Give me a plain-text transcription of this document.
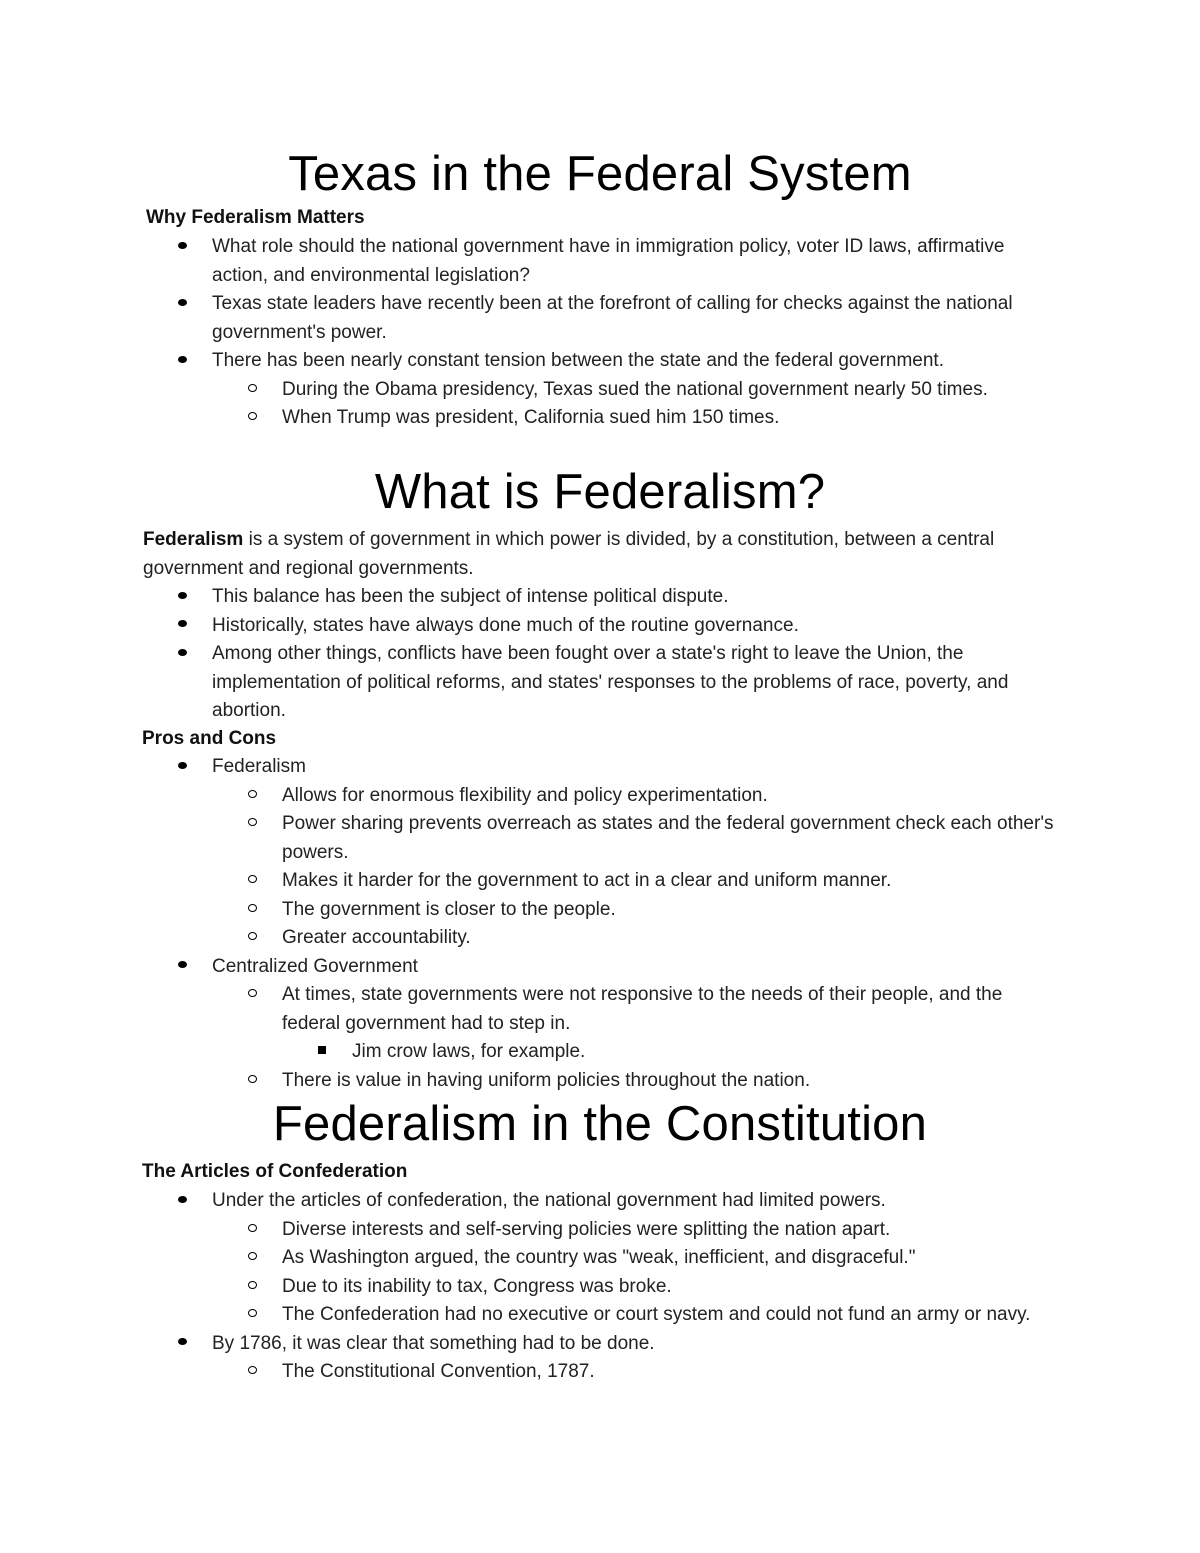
Texas in the Federal System

Why Federalism Matters

What role should the national government have in immigration policy, voter ID laws, affirmative action, and environmental legislation?
Texas state leaders have recently been at the forefront of calling for checks against the national government's power.
There has been nearly constant tension between the state and the federal government.
During the Obama presidency, Texas sued the national government nearly 50 times.
When Trump was president, California sued him 150 times.
What is Federalism?

Federalism is a system of government in which power is divided, by a constitution, between a central government and regional governments.

This balance has been the subject of intense political dispute.
Historically, states have always done much of the routine governance.
Among other things, conflicts have been fought over a state's right to leave the Union, the implementation of political reforms, and states' responses to the problems of race, poverty, and abortion.

Pros and Cons

Federalism
Allows for enormous flexibility and policy experimentation.
Power sharing prevents overreach as states and the federal government check each other's powers.
Makes it harder for the government to act in a clear and uniform manner.
The government is closer to the people.
Greater accountability.
Centralized Government
At times, state governments were not responsive to the needs of their people, and the federal government had to step in.
Jim crow laws, for example.
There is value in having uniform policies throughout the nation.
Federalism in the Constitution

The Articles of Confederation

Under the articles of confederation, the national government had limited powers.
Diverse interests and self-serving policies were splitting the nation apart.
As Washington argued, the country was "weak, inefficient, and disgraceful."
Due to its inability to tax, Congress was broke.
The Confederation had no executive or court system and could not fund an army or navy.
By 1786, it was clear that something had to be done.
The Constitutional Convention, 1787.
